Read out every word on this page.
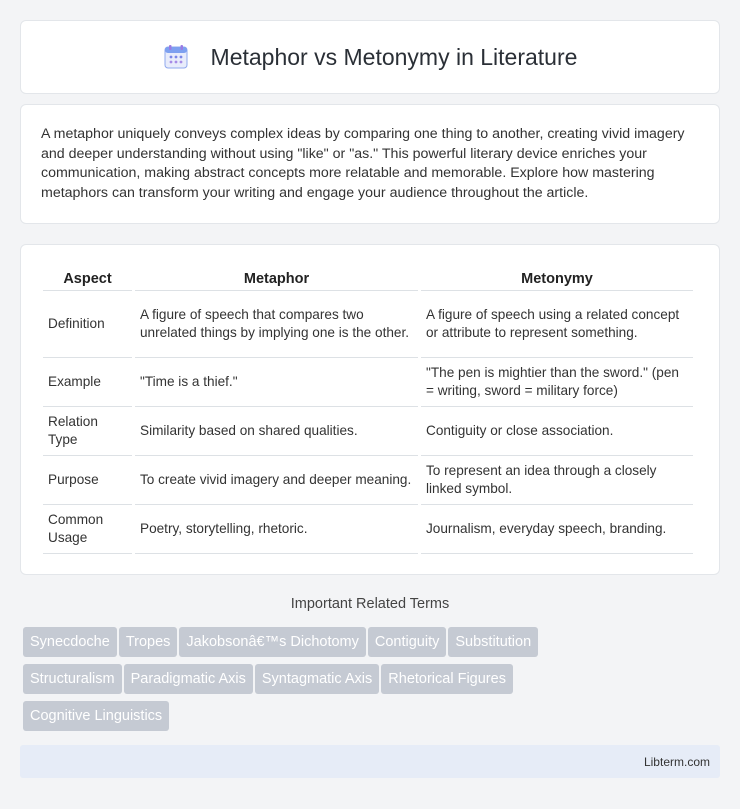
Metaphor vs Metonymy in Literature

A metaphor uniquely conveys complex ideas by comparing one thing to another, creating vivid imagery and deeper understanding without using "like" or "as." This powerful literary device enriches your communication, making abstract concepts more relatable and memorable. Explore how mastering metaphors can transform your writing and engage your audience throughout the article.

Aspect	Metaphor	Metonymy
Definition	A figure of speech that compares two unrelated things by implying one is the other.	A figure of speech using a related concept or attribute to represent something.
Example	"Time is a thief."	"The pen is mightier than the sword." (pen = writing, sword = military force)
Relation Type	Similarity based on shared qualities.	Contiguity or close association.
Purpose	To create vivid imagery and deeper meaning.	To represent an idea through a closely linked symbol.
Common Usage	Poetry, storytelling, rhetoric.	Journalism, everyday speech, branding.
Important Related Terms
Synecdoche Tropes Jakobsonâ€™s Dichotomy Contiguity Substitution
Structuralism Paradigmatic Axis Syntagmatic Axis Rhetorical Figures
Cognitive Linguistics
Libterm.com
